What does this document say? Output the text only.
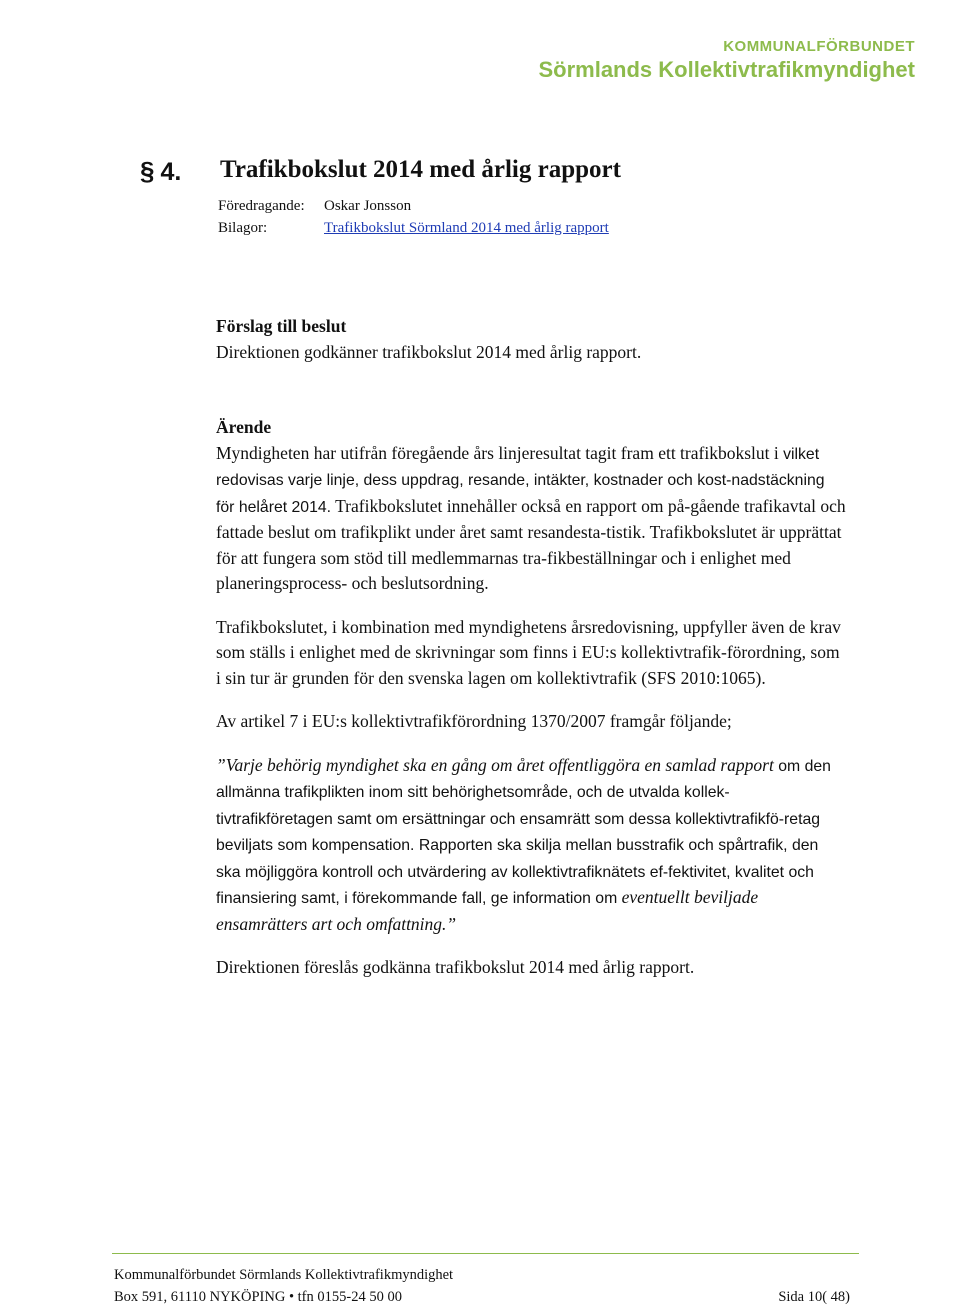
KOMMUNALFÖRBUNDET
Sörmlands Kollektivtrafikmyndighet
§ 4. Trafikbokslut 2014 med årlig rapport
Föredragande:	Oskar Jonsson
Bilagor:	Trafikbokslut Sörmland 2014 med årlig rapport

Förslag till beslut

Direktionen godkänner trafikbokslut 2014 med årlig rapport.

Ärende

Myndigheten har utifrån föregående års linjeresultat tagit fram ett trafikbokslut i vilket redovisas varje linje, dess uppdrag, resande, intäkter, kostnader och kost-nadstäckning för helåret 2014. Trafikbokslutet innehåller också en rapport om på-gående trafikavtal och fattade beslut om trafikplikt under året samt resandesta-tistik. Trafikbokslutet är upprättat för att fungera som stöd till medlemmarnas tra-fikbeställningar och i enlighet med planeringsprocess- och beslutsordning.

Trafikbokslutet, i kombination med myndighetens årsredovisning, uppfyller även de krav som ställs i enlighet med de skrivningar som finns i EU:s kollektivtrafik-förordning, som i sin tur är grunden för den svenska lagen om kollektivtrafik (SFS 2010:1065).

Av artikel 7 i EU:s kollektivtrafikförordning 1370/2007 framgår följande;

”Varje behörig myndighet ska en gång om året offentliggöra en samlad rapport om den allmänna trafikplikten inom sitt behörighetsområde, och de utvalda kollek-tivtrafikföretagen samt om ersättningar och ensamrätt som dessa kollektivtrafikfö-retag beviljats som kompensation. Rapporten ska skilja mellan busstrafik och spårtrafik, den ska möjliggöra kontroll och utvärdering av kollektivtrafiknätets ef-fektivitet, kvalitet och finansiering samt, i förekommande fall, ge information om eventuellt beviljade ensamrätters art och omfattning.”

Direktionen föreslås godkänna trafikbokslut 2014 med årlig rapport.

Kommunalförbundet Sörmlands Kollektivtrafikmyndighet
Box 591, 61110 NYKÖPING • tfn 0155-24 50 00	Sida 10( 48)
